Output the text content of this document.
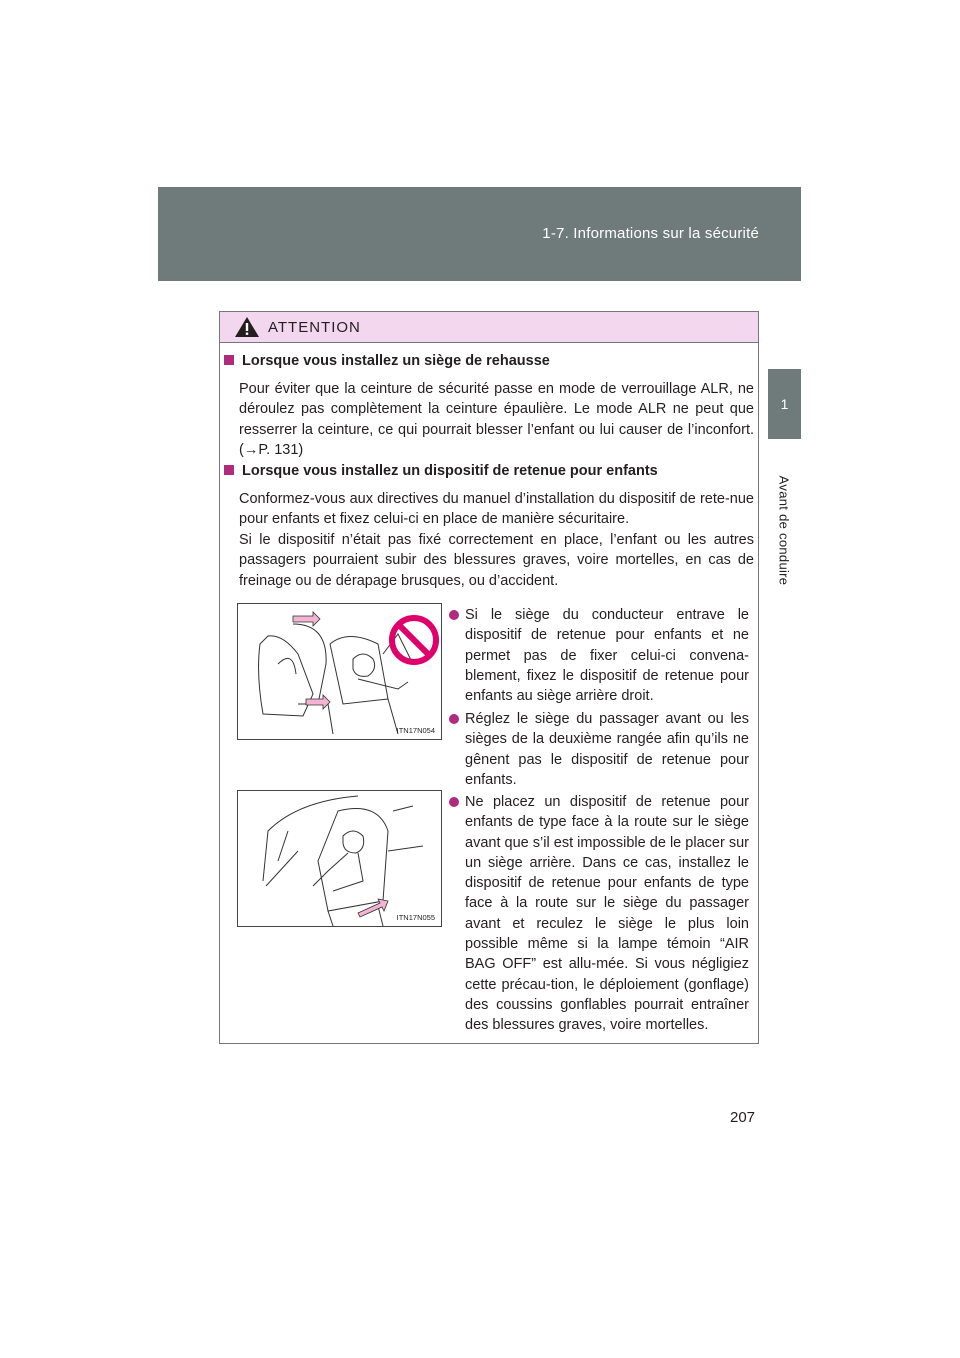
1-7. Informations sur la sécurité
1
Avant de conduire
ATTENTION
Lorsque vous installez un siège de rehausse
Pour éviter que la ceinture de sécurité passe en mode de verrouillage ALR, ne déroulez pas complètement la ceinture épaulière. Le mode ALR ne peut que resserrer la ceinture, ce qui pourrait blesser l’enfant ou lui causer de l’inconfort. (→P. 131)
Lorsque vous installez un dispositif de retenue pour enfants
Conformez-vous aux directives du manuel d’installation du dispositif de rete-nue pour enfants et fixez celui-ci en place de manière sécuritaire.
Si le dispositif n’était pas fixé correctement en place, l’enfant ou les autres passagers pourraient subir des blessures graves, voire mortelles, en cas de freinage ou de dérapage brusques, ou d’accident.
ITN17N054
ITN17N055
Si le siège du conducteur entrave le dispositif de retenue pour enfants et ne permet pas de fixer celui-ci convena-blement, fixez le dispositif de retenue pour enfants au siège arrière droit.
Réglez le siège du passager avant ou les sièges de la deuxième rangée afin qu’ils ne gênent pas le dispositif de retenue pour enfants.
Ne placez un dispositif de retenue pour enfants de type face à la route sur le siège avant que s’il est impossible de le placer sur un siège arrière. Dans ce cas, installez le dispositif de retenue pour enfants de type face à la route sur le siège du passager avant et reculez le siège le plus loin possible même si la lampe témoin “AIR BAG OFF” est allu-mée. Si vous négligiez cette précau-tion, le déploiement (gonflage) des coussins gonflables pourrait entraîner des blessures graves, voire mortelles.
207
